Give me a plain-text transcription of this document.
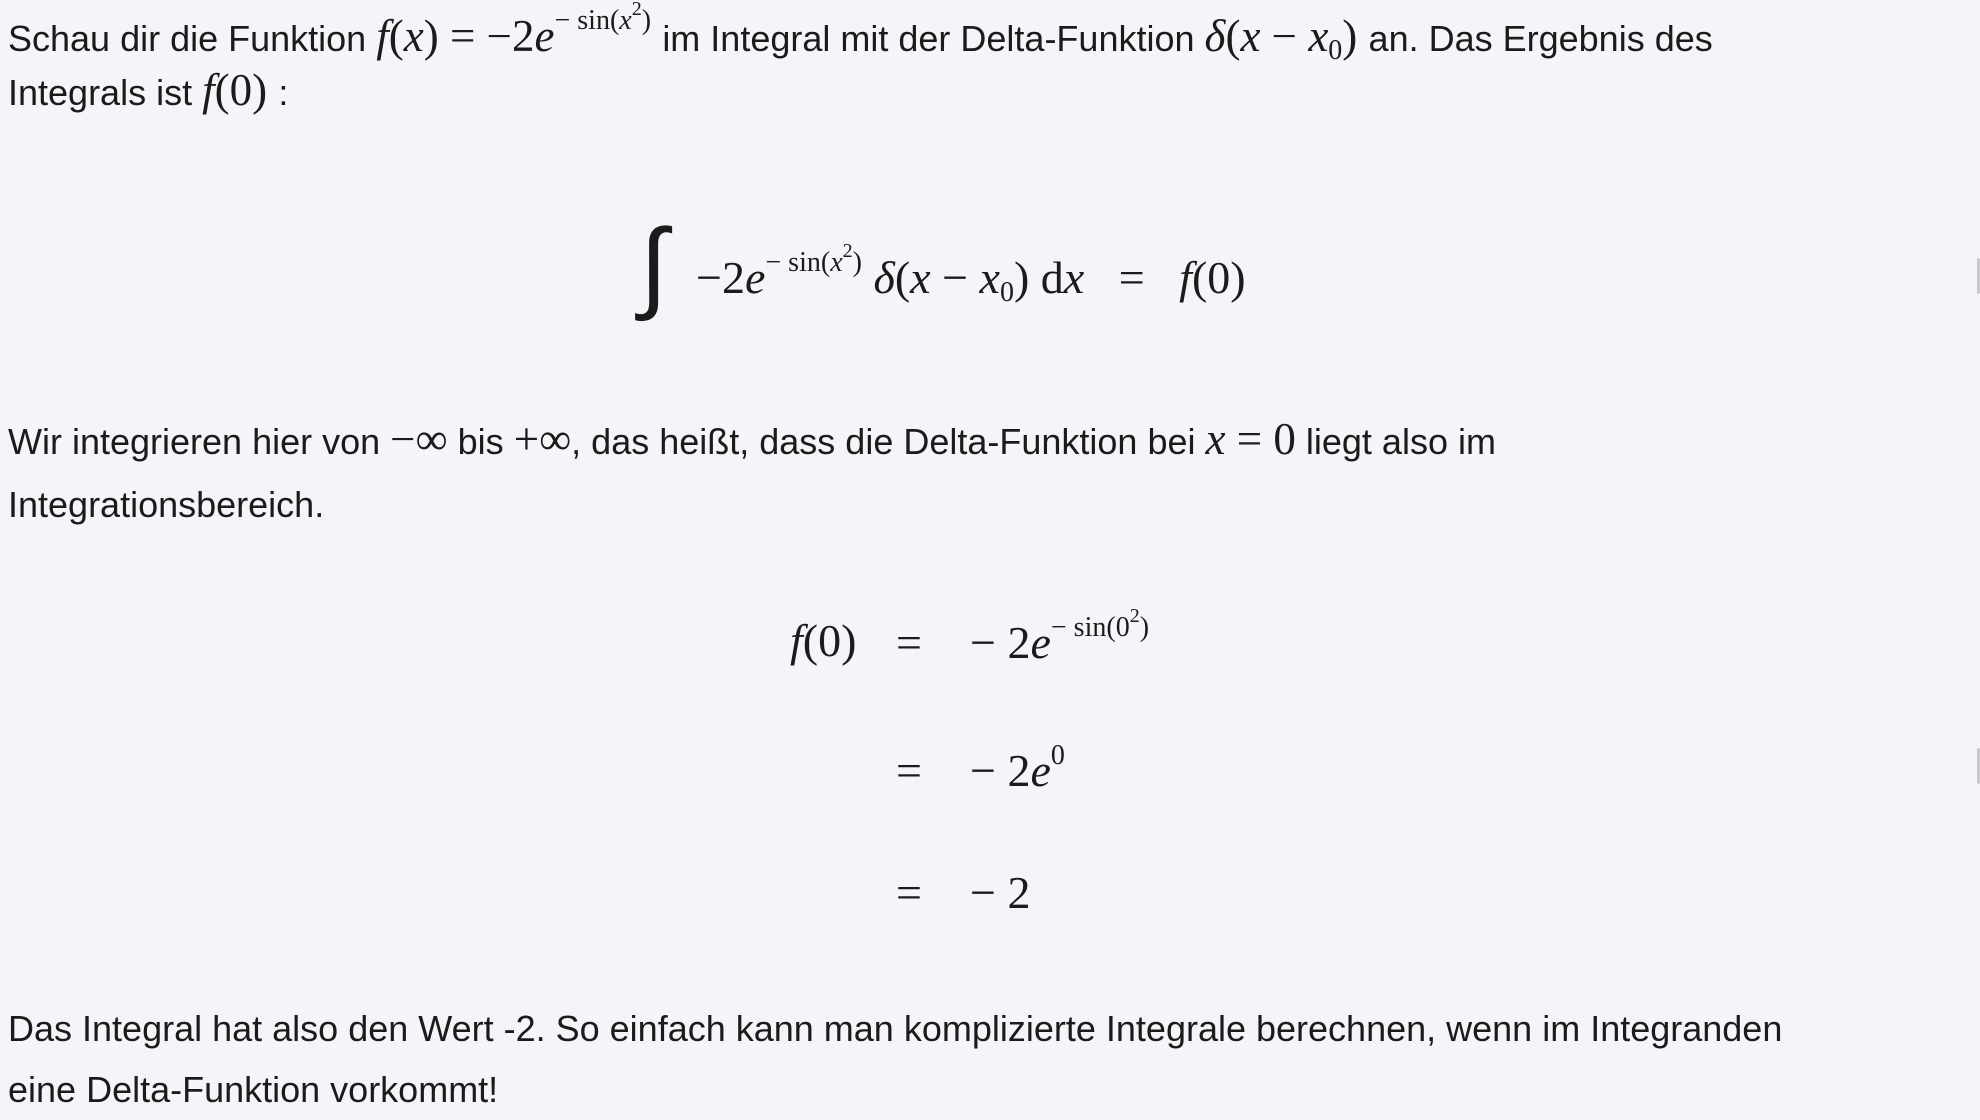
Schau dir die Funktion $f(x) = -2e^{- sin(x^2)}$ im Integral mit der Delta-Funktion $\delta(x - x_0)$ an. Das Ergebnis des
Integrals ist f(0) :
∫ $-2e^{- sin(x^2)}$ $\delta(x - x_0)$ dx = f(0)
Wir integrieren hier von −∞ bis +∞, das heißt, dass die Delta-Funktion bei x = 0 liegt also im
Integrationsbereich.
f(0) = − $2e^{- sin(0^2)}$
= − $2e^0$
= − 2
Das Integral hat also den Wert -2. So einfach kann man komplizierte Integrale berechnen, wenn im Integranden
eine Delta-Funktion vorkommt!
